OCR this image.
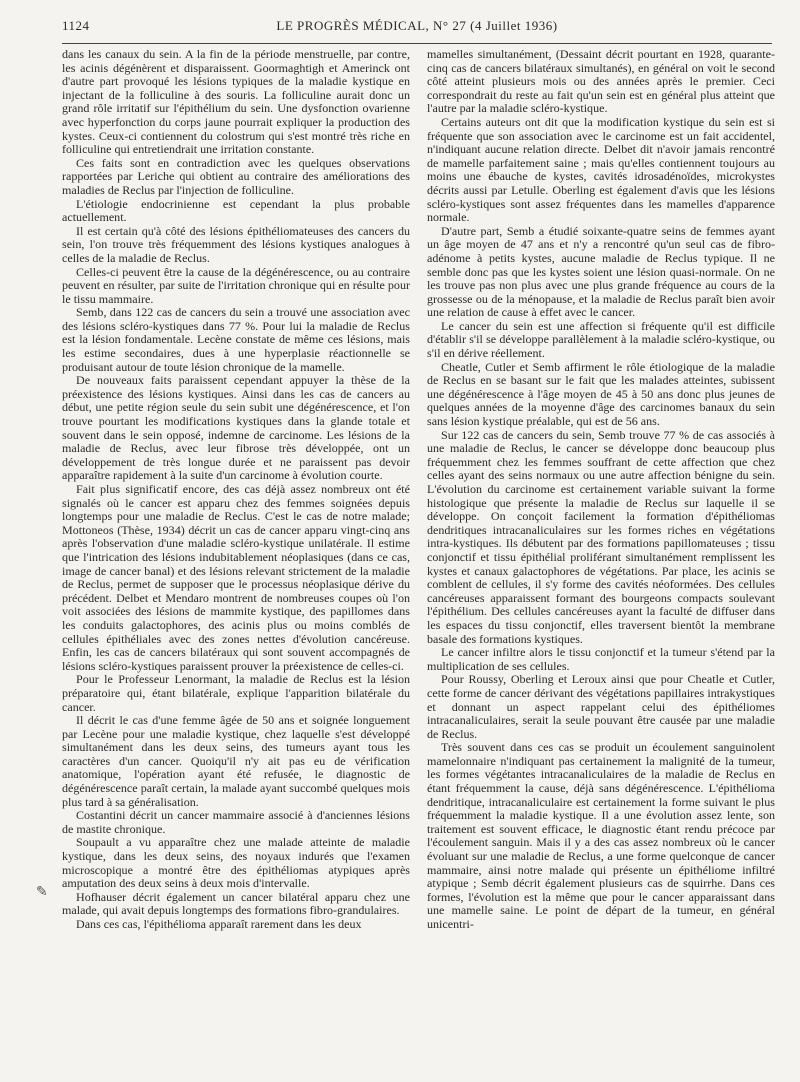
1124	LE PROGRÈS MÉDICAL, N° 27 (4 Juillet 1936)

dans les canaux du sein. A la fin de la période menstruelle, par contre, les acinis dégénèrent et disparaissent. Goormaghtigh et Amerinck ont d'autre part provoqué les lésions typiques de la maladie kystique en injectant de la folliculine à des souris. La folliculine aurait donc un grand rôle irritatif sur l'épithélium du sein. Une dysfonction ovarienne avec hyperfonction du corps jaune pourrait expliquer la production des kystes. Ceux-ci contiennent du colostrum qui s'est montré très riche en folliculine qui entretiendrait une irritation constante.

Ces faits sont en contradiction avec les quelques observations rapportées par Leriche qui obtient au contraire des améliorations des maladies de Reclus par l'injection de folliculine.

L'étiologie endocrinienne est cependant la plus probable actuellement.

Il est certain qu'à côté des lésions épithéliomateuses des cancers du sein, l'on trouve très fréquemment des lésions kystiques analogues à celles de la maladie de Reclus.

Celles-ci peuvent être la cause de la dégénérescence, ou au contraire peuvent en résulter, par suite de l'irritation chronique qui en résulte pour le tissu mammaire.

Semb, dans 122 cas de cancers du sein a trouvé une association avec des lésions scléro-kystiques dans 77 %. Pour lui la maladie de Reclus est la lésion fondamentale. Lecène constate de même ces lésions, mais les estime secondaires, dues à une hyperplasie réactionnelle se produisant autour de toute lésion chronique de la mamelle.

De nouveaux faits paraissent cependant appuyer la thèse de la préexistence des lésions kystiques. Ainsi dans les cas de cancers au début, une petite région seule du sein subit une dégénérescence, et l'on trouve pourtant les modifications kystiques dans la glande totale et souvent dans le sein opposé, indemne de carcinome. Les lésions de la maladie de Reclus, avec leur fibrose très développée, ont un développement de très longue durée et ne paraissent pas devoir apparaître rapidement à la suite d'un carcinome à évolution courte.

Fait plus significatif encore, des cas déjà assez nombreux ont été signalés où le cancer est apparu chez des femmes soignées depuis longtemps pour une maladie de Reclus. C'est le cas de notre malade; Mottoneos (Thèse, 1934) décrit un cas de cancer apparu vingt-cinq ans après l'observation d'une maladie scléro-kystique unilatérale. Il estime que l'intrication des lésions indubitablement néoplasiques (dans ce cas, image de cancer banal) et des lésions relevant strictement de la maladie de Reclus, permet de supposer que le processus néoplasique dérive du précédent. Delbet et Mendaro montrent de nombreuses coupes où l'on voit associées des lésions de mammite kystique, des papillomes dans les conduits galactophores, des acinis plus ou moins comblés de cellules épithéliales avec des zones nettes d'évolution cancéreuse. Enfin, les cas de cancers bilatéraux qui sont souvent accompagnés de lésions scléro-kystiques paraissent prouver la préexistence de celles-ci.

Pour le Professeur Lenormant, la maladie de Reclus est la lésion préparatoire qui, étant bilatérale, explique l'apparition bilatérale du cancer.

Il décrit le cas d'une femme âgée de 50 ans et soignée longuement par Lecène pour une maladie kystique, chez laquelle s'est développé simultanément dans les deux seins, des tumeurs ayant tous les caractères d'un cancer. Quoiqu'il n'y ait pas eu de vérification anatomique, l'opération ayant été refusée, le diagnostic de dégénérescence paraît certain, la malade ayant succombé quelques mois plus tard à sa généralisation.

Costantini décrit un cancer mammaire associé à d'anciennes lésions de mastite chronique.

Soupault a vu apparaître chez une malade atteinte de maladie kystique, dans les deux seins, des noyaux indurés que l'examen microscopique a montré être des épithéliomas atypiques après amputation des deux seins à deux mois d'intervalle.

Hofhauser décrit également un cancer bilatéral apparu chez une malade, qui avait depuis longtemps des formations fibro-grandulaires.

Dans ces cas, l'épithélioma apparaît rarement dans les deux

✎

mamelles simultanément, (Dessaint décrit pourtant en 1928, quarante-cinq cas de cancers bilatéraux simultanés), en général on voit le second côté atteint plusieurs mois ou des années après le premier. Ceci correspondrait du reste au fait qu'un sein est en général plus atteint que l'autre par la maladie scléro-kystique.

Certains auteurs ont dit que la modification kystique du sein est si fréquente que son association avec le carcinome est un fait accidentel, n'indiquant aucune relation directe. Delbet dit n'avoir jamais rencontré de mamelle parfaitement saine ; mais qu'elles contiennent toujours au moins une ébauche de kystes, cavités idrosadénoïdes, microkystes décrits aussi par Letulle. Oberling est également d'avis que les lésions scléro-kystiques sont assez fréquentes dans les mamelles d'apparence normale.

D'autre part, Semb a étudié soixante-quatre seins de femmes ayant un âge moyen de 47 ans et n'y a rencontré qu'un seul cas de fibro-adénome à petits kystes, aucune maladie de Reclus typique. Il ne semble donc pas que les kystes soient une lésion quasi-normale. On ne les trouve pas non plus avec une plus grande fréquence au cours de la grossesse ou de la ménopause, et la maladie de Reclus paraît bien avoir une relation de cause à effet avec le cancer.

Le cancer du sein est une affection si fréquente qu'il est difficile d'établir s'il se développe parallèlement à la maladie scléro-kystique, ou s'il en dérive réellement.

Cheatle, Cutler et Semb affirment le rôle étiologique de la maladie de Reclus en se basant sur le fait que les malades atteintes, subissent une dégénérescence à l'âge moyen de 45 à 50 ans donc plus jeunes de quelques années de la moyenne d'âge des carcinomes banaux du sein sans lésion kystique préalable, qui est de 56 ans.

Sur 122 cas de cancers du sein, Semb trouve 77 % de cas associés à une maladie de Reclus, le cancer se développe donc beaucoup plus fréquemment chez les femmes souffrant de cette affection que chez celles ayant des seins normaux ou une autre affection bénigne du sein. L'évolution du carcinome est certainement variable suivant la forme histologique que présente la maladie de Reclus sur laquelle il se développe. On conçoit facilement la formation d'épithéliomas dendritiques intracanaliculaires sur les formes riches en végétations intra-kystiques. Ils débutent par des formations papillomateuses ; tissu conjonctif et tissu épithélial proliférant simultanément remplissent les kystes et canaux galactophores de végétations. Par place, les acinis se comblent de cellules, il s'y forme des cavités néoformées. Des cellules cancéreuses apparaissent formant des bourgeons compacts soulevant l'épithélium. Des cellules cancéreuses ayant la faculté de diffuser dans les espaces du tissu conjonctif, elles traversent bientôt la membrane basale des formations kystiques.

Le cancer infiltre alors le tissu conjonctif et la tumeur s'étend par la multiplication de ses cellules.

Pour Roussy, Oberling et Leroux ainsi que pour Cheatle et Cutler, cette forme de cancer dérivant des végétations papillaires intrakystiques et donnant un aspect rappelant celui des épithéliomes intracanaliculaires, serait la seule pouvant être causée par une maladie de Reclus.

Très souvent dans ces cas se produit un écoulement sanguinolent mamelonnaire n'indiquant pas certainement la malignité de la tumeur, les formes végétantes intracanaliculaires de la maladie de Reclus en étant fréquemment la cause, déjà sans dégénérescence. L'épithélioma dendritique, intracanaliculaire est certainement la forme suivant le plus fréquemment la maladie kystique. Il a une évolution assez lente, son traitement est souvent efficace, le diagnostic étant rendu précoce par l'écoulement sanguin. Mais il y a des cas assez nombreux où le cancer évoluant sur une maladie de Reclus, a une forme quelconque de cancer mammaire, ainsi notre malade qui présente un épithéliome infiltré atypique ; Semb décrit également plusieurs cas de squirrhe. Dans ces formes, l'évolution est la même que pour le cancer apparaissant dans une mamelle saine. Le point de départ de la tumeur, en général unicentri-
